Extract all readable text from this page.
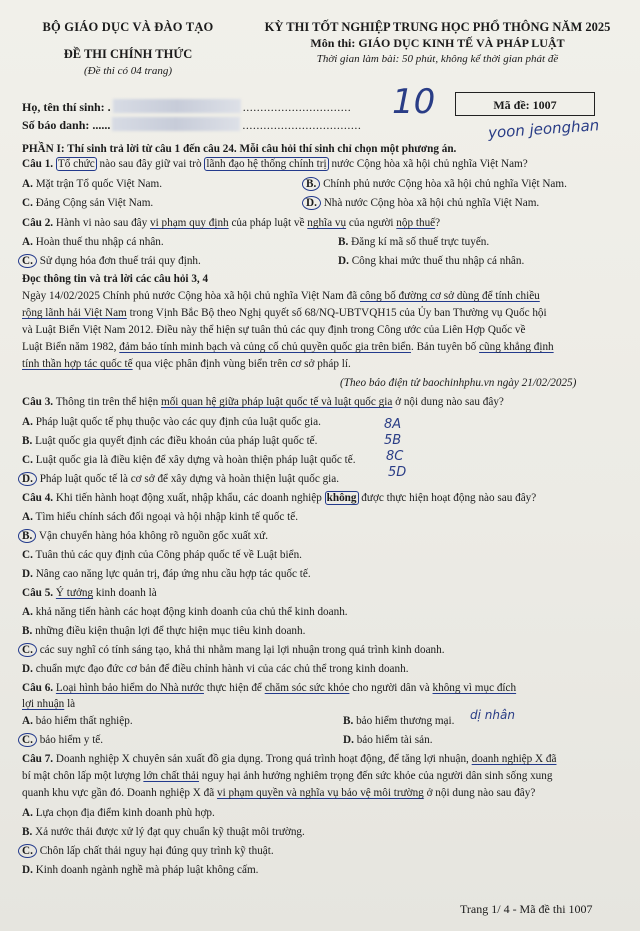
BỘ GIÁO DỤC VÀ ĐÀO TẠO
ĐỀ THI CHÍNH THỨC
(Đề thi có 04 trang)
KỲ THI TỐT NGHIỆP TRUNG HỌC PHỔ THÔNG NĂM 2025
Môn thi: GIÁO DỤC KINH TẾ VÀ PHÁP LUẬT
Thời gian làm bài: 50 phút, không kể thời gian phát đề
Họ, tên thí sinh: .	...............................
Số báo danh: ......	..................................
Mã đề: 1007
10
yoon jeonghan
PHẦN I: Thí sinh trả lời từ câu 1 đến câu 24. Mỗi câu hỏi thí sinh chỉ chọn một phương án.
Câu 1. Tổ chức nào sau đây giữ vai trò lãnh đạo hệ thống chính trị nước Cộng hòa xã hội chủ nghĩa Việt Nam?
A. Mặt trận Tổ quốc Việt Nam.	B. Chính phủ nước Cộng hòa xã hội chủ nghĩa Việt Nam.
C. Đảng Cộng sản Việt Nam.	D. Nhà nước Cộng hòa xã hội chủ nghĩa Việt Nam.
Câu 2. Hành vi nào sau đây vi phạm quy định của pháp luật về nghĩa vụ của người nộp thuế?
A. Hoàn thuế thu nhập cá nhân.	B. Đăng kí mã số thuế trực tuyến.
C. Sử dụng hóa đơn thuế trái quy định.	D. Công khai mức thuế thu nhập cá nhân.
Đọc thông tin và trả lời các câu hỏi 3, 4
Ngày 14/02/2025 Chính phủ nước Cộng hòa xã hội chủ nghĩa Việt Nam đã công bố đường cơ sở dùng để tính chiều
rộng lãnh hải Việt Nam trong Vịnh Bắc Bộ theo Nghị quyết số 68/NQ-UBTVQH15 của Ủy ban Thường vụ Quốc hội
và Luật Biển Việt Nam 2012. Điều này thể hiện sự tuân thủ các quy định trong Công ước của Liên Hợp Quốc về
Luật Biển năm 1982, đảm bảo tính minh bạch và củng cố chủ quyền quốc gia trên biển. Bản tuyên bố cũng khẳng định
tính thần hợp tác quốc tế qua việc phân định vùng biển trên cơ sở pháp lí.
(Theo báo điện tử baochinhphu.vn ngày 21/02/2025)
Câu 3. Thông tin trên thể hiện mối quan hệ giữa pháp luật quốc tế và luật quốc gia ở nội dung nào sau đây?
A. Pháp luật quốc tế phụ thuộc vào các quy định của luật quốc gia.
B. Luật quốc gia quyết định các điều khoản của pháp luật quốc tế.
C. Luật quốc gia là điều kiện để xây dựng và hoàn thiện pháp luật quốc tế.
D. Pháp luật quốc tế là cơ sở để xây dựng và hoàn thiện luật quốc gia.
8A
5B
8C
5D
Câu 4. Khi tiến hành hoạt động xuất, nhập khẩu, các doanh nghiệp không được thực hiện hoạt động nào sau đây?
A. Tìm hiểu chính sách đối ngoại và hội nhập kinh tế quốc tế.
B. Vận chuyển hàng hóa không rõ nguồn gốc xuất xứ.
C. Tuân thủ các quy định của Công pháp quốc tế về Luật biển.
D. Nâng cao năng lực quản trị, đáp ứng nhu cầu hợp tác quốc tế.
Câu 5. Ý tưởng kinh doanh là
A. khả năng tiến hành các hoạt động kinh doanh của chủ thể kinh doanh.
B. những điều kiện thuận lợi để thực hiện mục tiêu kinh doanh.
C. các suy nghĩ có tính sáng tạo, khả thi nhằm mang lại lợi nhuận trong quá trình kinh doanh.
D. chuẩn mực đạo đức cơ bản để điều chỉnh hành vi của các chủ thể trong kinh doanh.
Câu 6. Loại hình bảo hiểm do Nhà nước thực hiện để chăm sóc sức khỏe cho người dân và không vì mục đích
lợi nhuận là
A. bảo hiểm thất nghiệp.	B. bảo hiểm thương mại. dị nhân
C. bảo hiểm y tế.	D. bảo hiểm tài sản.
Câu 7. Doanh nghiệp X chuyên sản xuất đồ gia dụng. Trong quá trình hoạt động, để tăng lợi nhuận, doanh nghiệp X đã
bí mật chôn lấp một lượng lớn chất thải nguy hại ảnh hưởng nghiêm trọng đến sức khỏe của người dân sinh sống xung
quanh khu vực gần đó. Doanh nghiệp X đã vi phạm quyền và nghĩa vụ bảo vệ môi trường ở nội dung nào sau đây?
A. Lựa chọn địa điểm kinh doanh phù hợp.
B. Xả nước thải được xử lý đạt quy chuẩn kỹ thuật môi trường.
C. Chôn lấp chất thải nguy hại đúng quy trình kỹ thuật.
D. Kinh doanh ngành nghề mà pháp luật không cấm.
Trang 1/ 4 - Mã đề thi 1007
